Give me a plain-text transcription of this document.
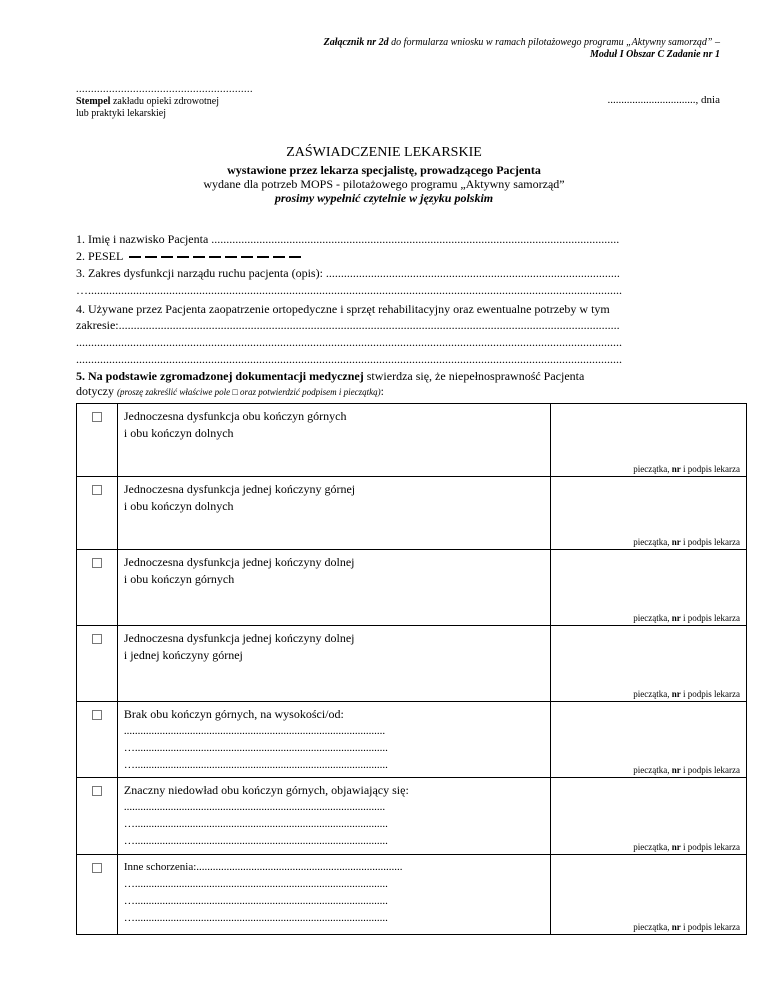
Załącznik nr 2d do formularza wniosku w ramach pilotażowego programu „Aktywny samorząd” –
Moduł I Obszar C Zadanie nr 1
...........................................................
Stempel zakładu opieki zdrowotnej
lub praktyki lekarskiej
................................, dnia
ZAŚWIADCZENIE LEKARSKIE
wystawione przez lekarza specjalistę, prowadzącego Pacjenta
wydane dla potrzeb MOPS - pilotażowego programu „Aktywny samorząd”
prosimy wypełnić czytelnie w języku polskim
1. Imię i nazwisko Pacjenta ........................................................................................................................................
2. PESEL
3. Zakres dysfunkcji narządu ruchu pacjenta (opis): ..................................................................................................
…..................................................................................................................................................................................
4. Używane przez Pacjenta zaopatrzenie ortopedyczne i sprzęt rehabilitacyjny oraz ewentualne potrzeby w tym
zakresie:.......................................................................................................................................................................
......................................................................................................................................................................................
......................................................................................................................................................................................
5. Na podstawie zgromadzonej dokumentacji medycznej stwierdza się, że niepełnosprawność Pacjenta
dotyczy (proszę zakreślić właściwe pole □ oraz potwierdzić podpisem i pieczątką):

	Jednoczesna dysfunkcja obu kończyn górnych
i obu kończyn dolnych	pieczątka, nr i podpis lekarza

	Jednoczesna dysfunkcja jednej kończyny górnej
i obu kończyn dolnych	pieczątka, nr i podpis lekarza

	Jednoczesna dysfunkcja jednej kończyny dolnej
i obu kończyn górnych	pieczątka, nr i podpis lekarza

	Jednoczesna dysfunkcja jednej kończyny dolnej
i jednej kończyny górnej	pieczątka, nr i podpis lekarza

	Brak obu kończyn górnych, na wysokości/od:
...............................................................................................
…............................................................................................
…............................................................................................	pieczątka, nr i podpis lekarza

	Znaczny niedowład obu kończyn górnych, objawiający się:
...............................................................................................
…............................................................................................
…............................................................................................	pieczątka, nr i podpis lekarza

	Inne schorzenia:...........................................................................
…............................................................................................
…............................................................................................
…............................................................................................	pieczątka, nr i podpis lekarza
